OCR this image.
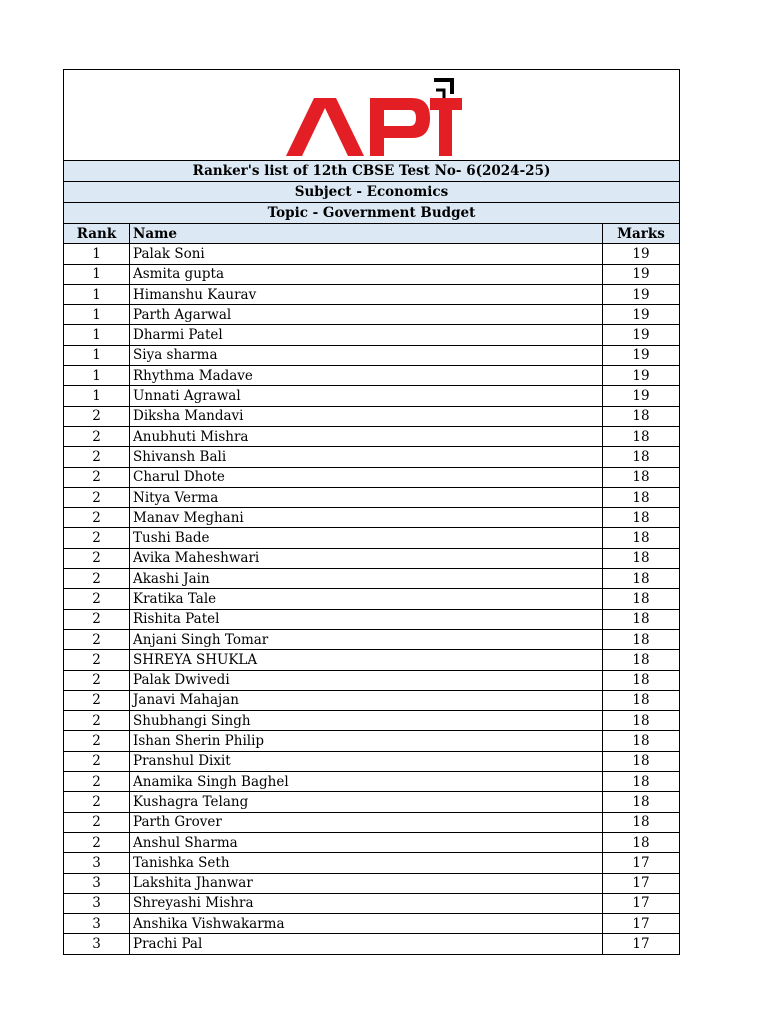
Ranker's list of 12th CBSE Test No- 6(2024-25)
Subject - Economics
Topic - Government Budget
Rank	Name	Marks
1	Palak Soni	19
1	Asmita gupta	19
1	Himanshu Kaurav	19
1	Parth Agarwal	19
1	Dharmi Patel	19
1	Siya sharma	19
1	Rhythma Madave	19
1	Unnati Agrawal	19
2	Diksha Mandavi	18
2	Anubhuti Mishra	18
2	Shivansh Bali	18
2	Charul Dhote	18
2	Nitya Verma	18
2	Manav Meghani	18
2	Tushi Bade	18
2	Avika Maheshwari	18
2	Akashi Jain	18
2	Kratika Tale	18
2	Rishita Patel	18
2	Anjani Singh Tomar	18
2	SHREYA SHUKLA	18
2	Palak Dwivedi	18
2	Janavi Mahajan	18
2	Shubhangi Singh	18
2	Ishan Sherin Philip	18
2	Pranshul Dixit	18
2	Anamika Singh Baghel	18
2	Kushagra Telang	18
2	Parth Grover	18
2	Anshul Sharma	18
3	Tanishka Seth	17
3	Lakshita Jhanwar	17
3	Shreyashi Mishra	17
3	Anshika Vishwakarma	17
3	Prachi Pal	17
